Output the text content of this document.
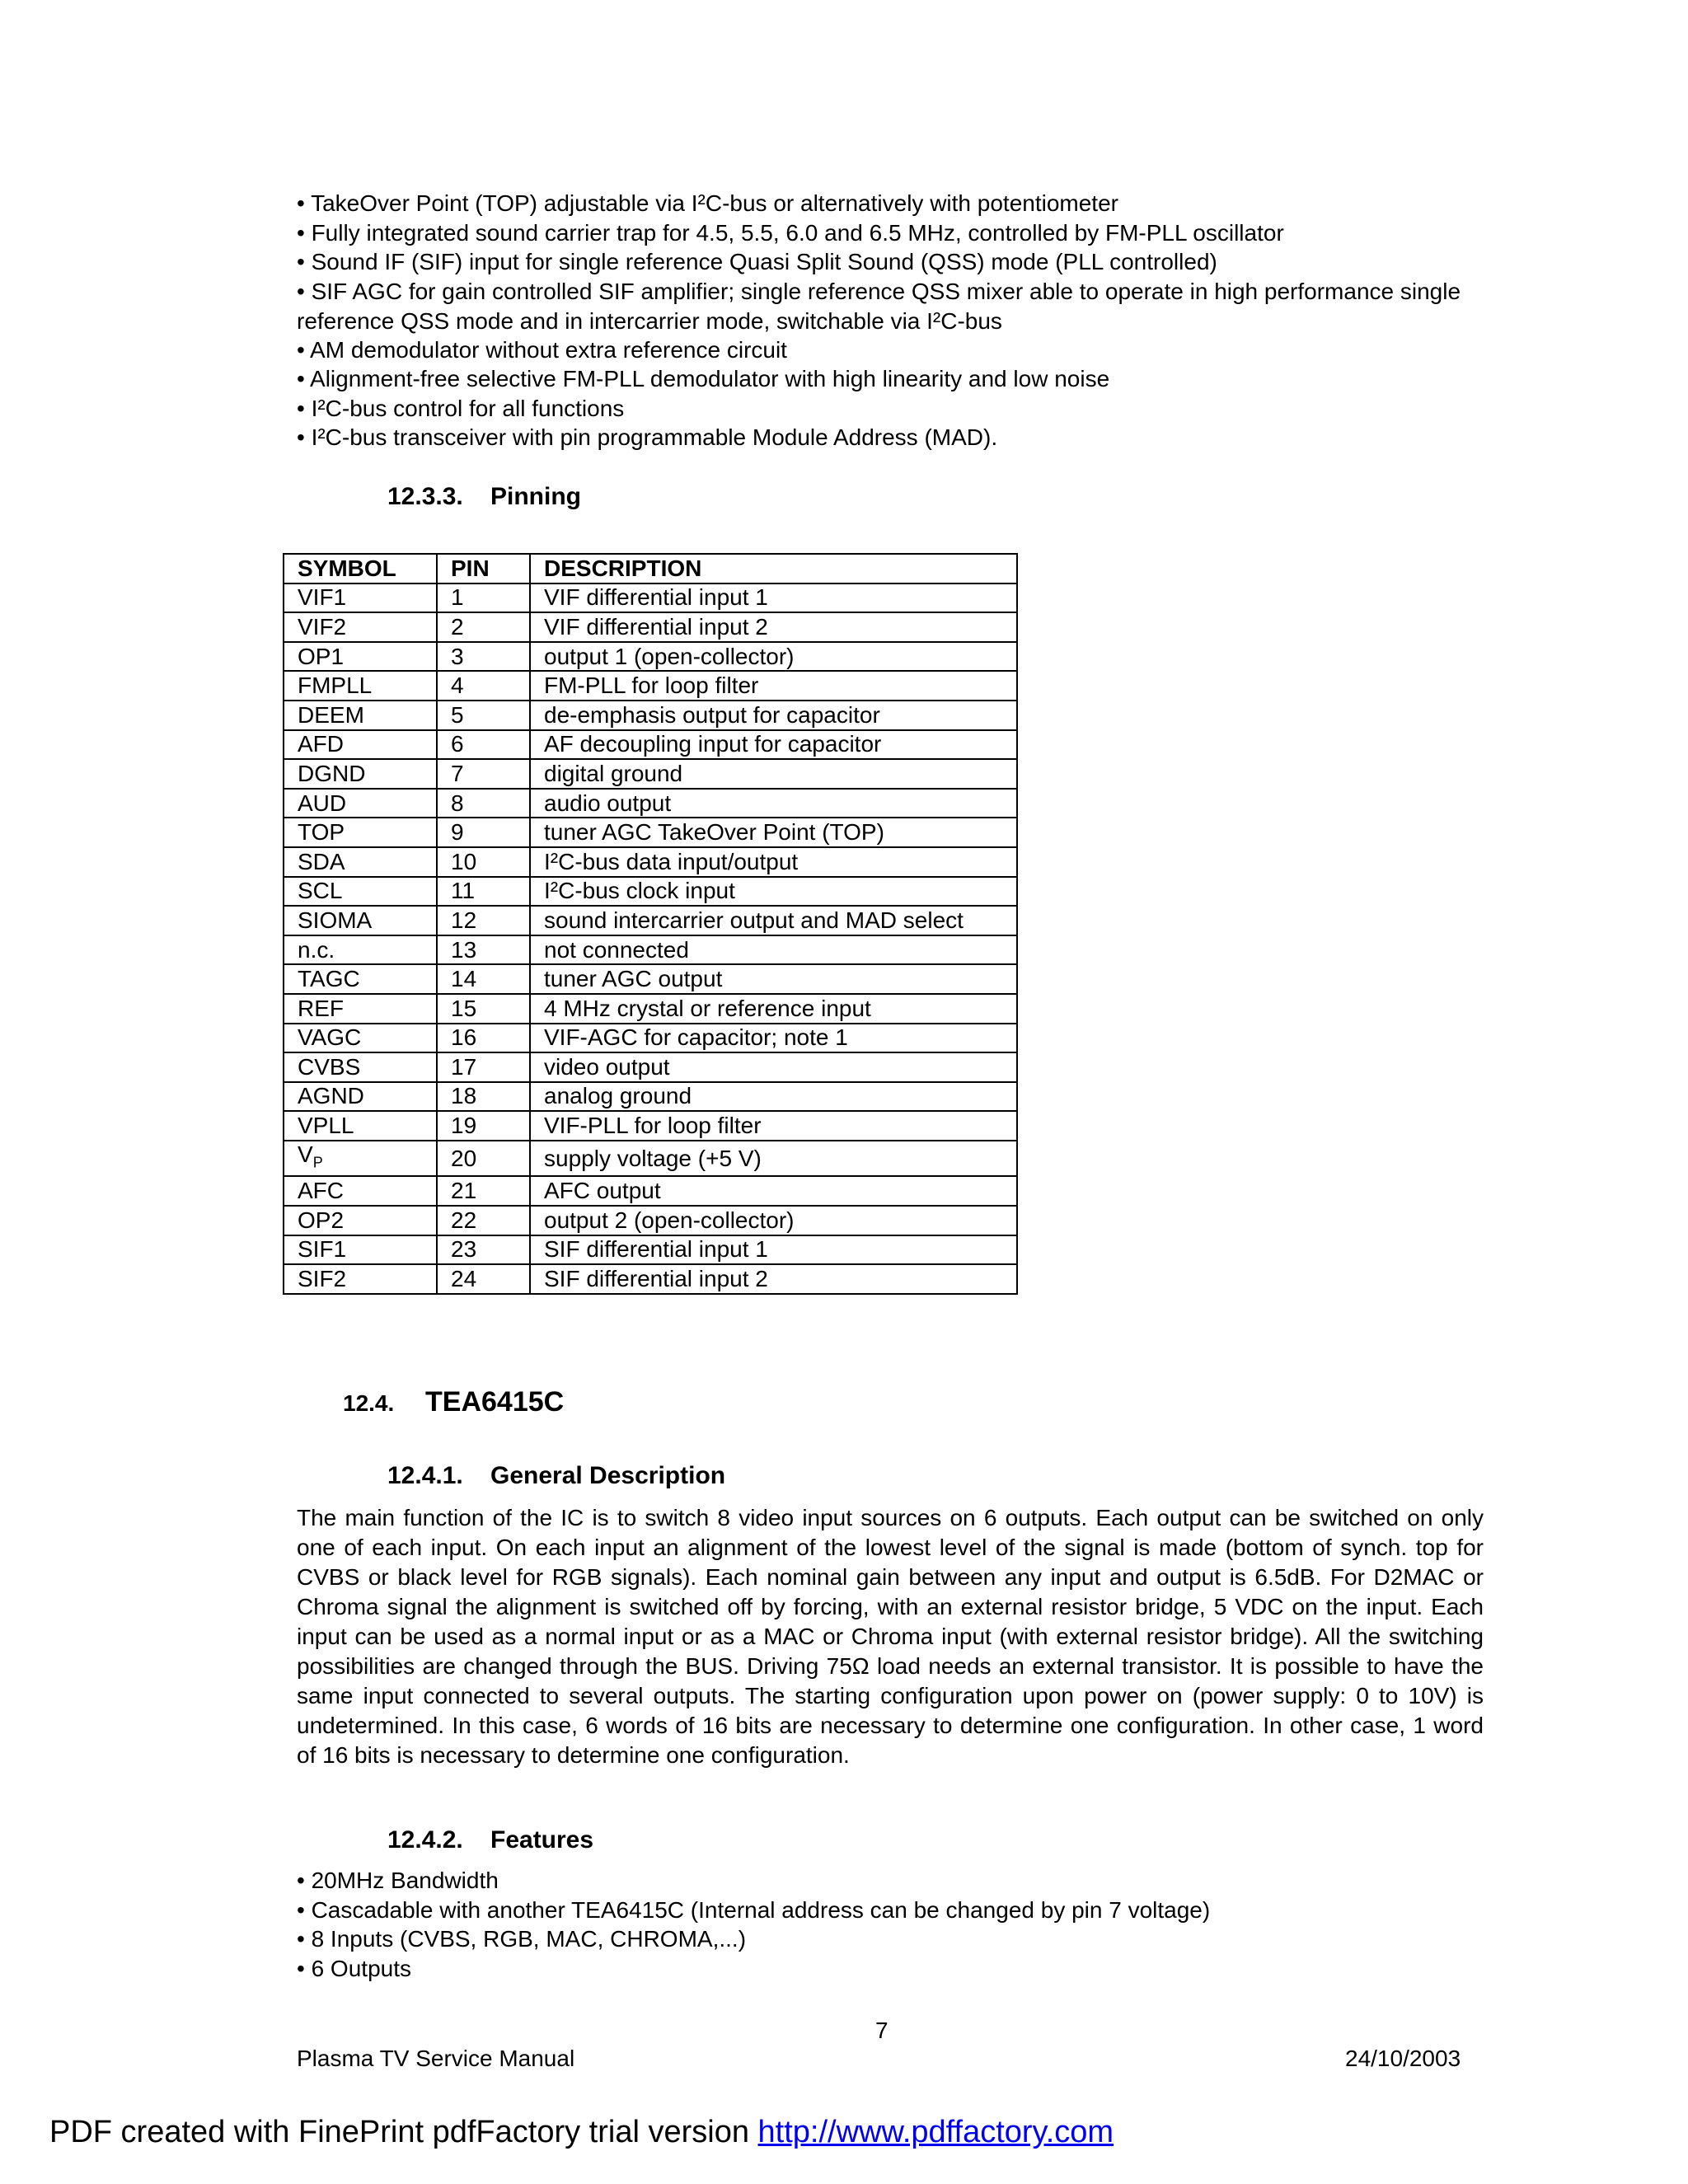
• TakeOver Point (TOP) adjustable via I²C-bus or alternatively with potentiometer
• Fully integrated sound carrier trap for 4.5, 5.5, 6.0 and 6.5 MHz, controlled by FM-PLL oscillator
• Sound IF (SIF) input for single reference Quasi Split Sound (QSS) mode (PLL controlled)
• SIF AGC for gain controlled SIF amplifier; single reference QSS mixer able to operate in high performance single reference QSS mode and in intercarrier mode, switchable via I²C-bus
• AM demodulator without extra reference circuit
• Alignment-free selective FM-PLL demodulator with high linearity and low noise
• I²C-bus control for all functions
• I²C-bus transceiver with pin programmable Module Address (MAD).
12.3.3. Pinning
SYMBOL	PIN	DESCRIPTION
VIF1	1	VIF differential input 1
VIF2	2	VIF differential input 2
OP1	3	output 1 (open-collector)
FMPLL	4	FM-PLL for loop filter
DEEM	5	de-emphasis output for capacitor
AFD	6	AF decoupling input for capacitor
DGND	7	digital ground
AUD	8	audio output
TOP	9	tuner AGC TakeOver Point (TOP)
SDA	10	I²C-bus data input/output
SCL	11	I²C-bus clock input
SIOMA	12	sound intercarrier output and MAD select
n.c.	13	not connected
TAGC	14	tuner AGC output
REF	15	4 MHz crystal or reference input
VAGC	16	VIF-AGC for capacitor; note 1
CVBS	17	video output
AGND	18	analog ground
VPLL	19	VIF-PLL for loop filter
$V_P$	20	supply voltage (+5 V)
AFC	21	AFC output
OP2	22	output 2 (open-collector)
SIF1	23	SIF differential input 1
SIF2	24	SIF differential input 2
12.4. TEA6415C
12.4.1. General Description
The main function of the IC is to switch 8 video input sources on 6 outputs. Each output can be switched on only one of each input. On each input an alignment of the lowest level of the signal is made (bottom of synch. top for CVBS or black level for RGB signals). Each nominal gain between any input and output is 6.5dB. For D2MAC or Chroma signal the alignment is switched off by forcing, with an external resistor bridge, 5 VDC on the input. Each input can be used as a normal input or as a MAC or Chroma input (with external resistor bridge). All the switching possibilities are changed through the BUS. Driving 75Ω load needs an external transistor. It is possible to have the same input connected to several outputs. The starting configuration upon power on (power supply: 0 to 10V) is undetermined. In this case, 6 words of 16 bits are necessary to determine one configuration. In other case, 1 word of 16 bits is necessary to determine one configuration.
12.4.2. Features
• 20MHz Bandwidth
• Cascadable with another TEA6415C (Internal address can be changed by pin 7 voltage)
• 8 Inputs (CVBS, RGB, MAC, CHROMA,...)
• 6 Outputs
7
Plasma TV Service Manual	24/10/2003
PDF created with FinePrint pdfFactory trial version http://www.pdffactory.com
